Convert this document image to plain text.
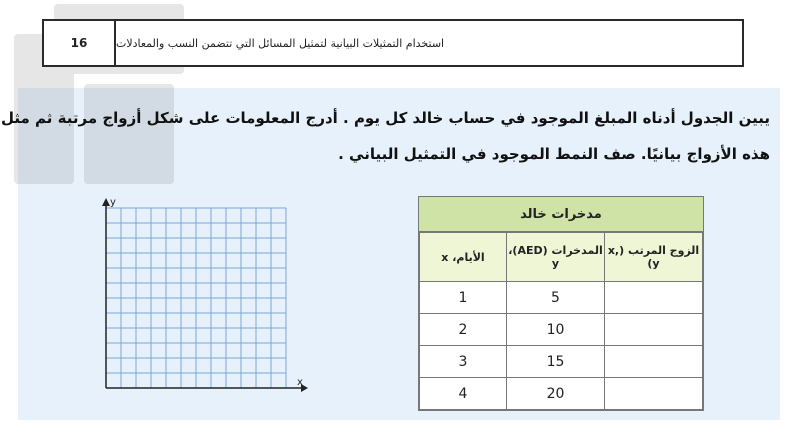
16	استخدام التمثيلات البيانية لتمثيل المسائل التي تتضمن النسب والمعادلات
يبين الجدول أدناه المبلغ الموجود في حساب خالد كل يوم . أدرج المعلومات على شكل أزواج مرتبة ثم مثل
هذه الأزواج بيانيًا. صف النمط الموجود في التمثيل البياني .
x
y
مدخرات خالد
الزوج المرتب (x, y)	المدخرات (AED)، y	الأيام، x
	5	1
	10	2
	15	3
	20	4
